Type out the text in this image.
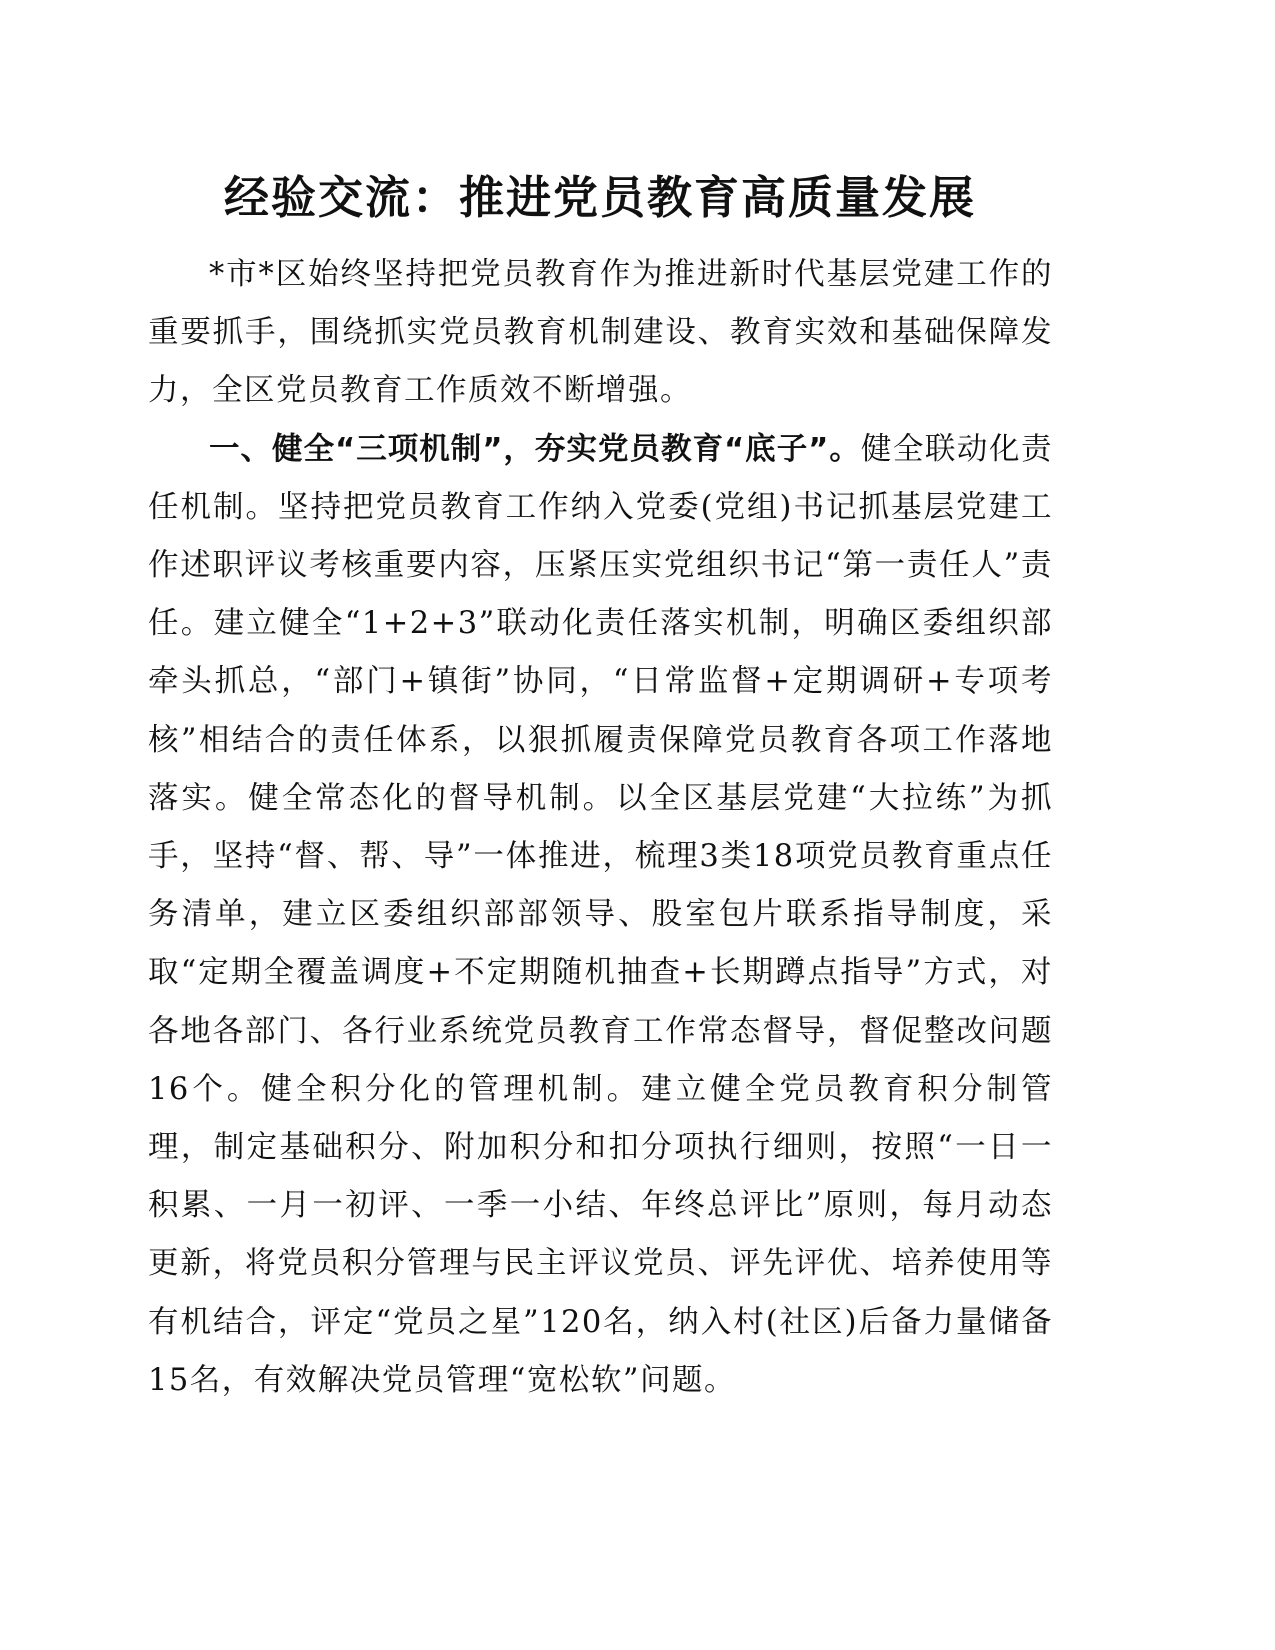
经验交流：推进党员教育高质量发展

*市*区始终坚持把党员教育作为推进新时代基层党建工作的重要抓手，围绕抓实党员教育机制建设、教育实效和基础保障发力，全区党员教育工作质效不断增强。

一、健全“三项机制”，夯实党员教育“底子”。健全联动化责任机制。坚持把党员教育工作纳入党委(党组)书记抓基层党建工作述职评议考核重要内容，压紧压实党组织书记“第一责任人”责任。建立健全“1+2+3”联动化责任落实机制，明确区委组织部牵头抓总，“部门+镇街”协同，“日常监督+定期调研+专项考核”相结合的责任体系，以狠抓履责保障党员教育各项工作落地落实。健全常态化的督导机制。以全区基层党建“大拉练”为抓手，坚持“督、帮、导”一体推进，梳理3类18项党员教育重点任务清单，建立区委组织部部领导、股室包片联系指导制度，采取“定期全覆盖调度+不定期随机抽查+长期蹲点指导”方式，对各地各部门、各行业系统党员教育工作常态督导，督促整改问题16个。健全积分化的管理机制。建立健全党员教育积分制管理，制定基础积分、附加积分和扣分项执行细则，按照“一日一积累、一月一初评、一季一小结、年终总评比”原则，每月动态更新，将党员积分管理与民主评议党员、评先评优、培养使用等有机结合，评定“党员之星”120名，纳入村(社区)后备力量储备15名，有效解决党员管理“宽松软”问题。
